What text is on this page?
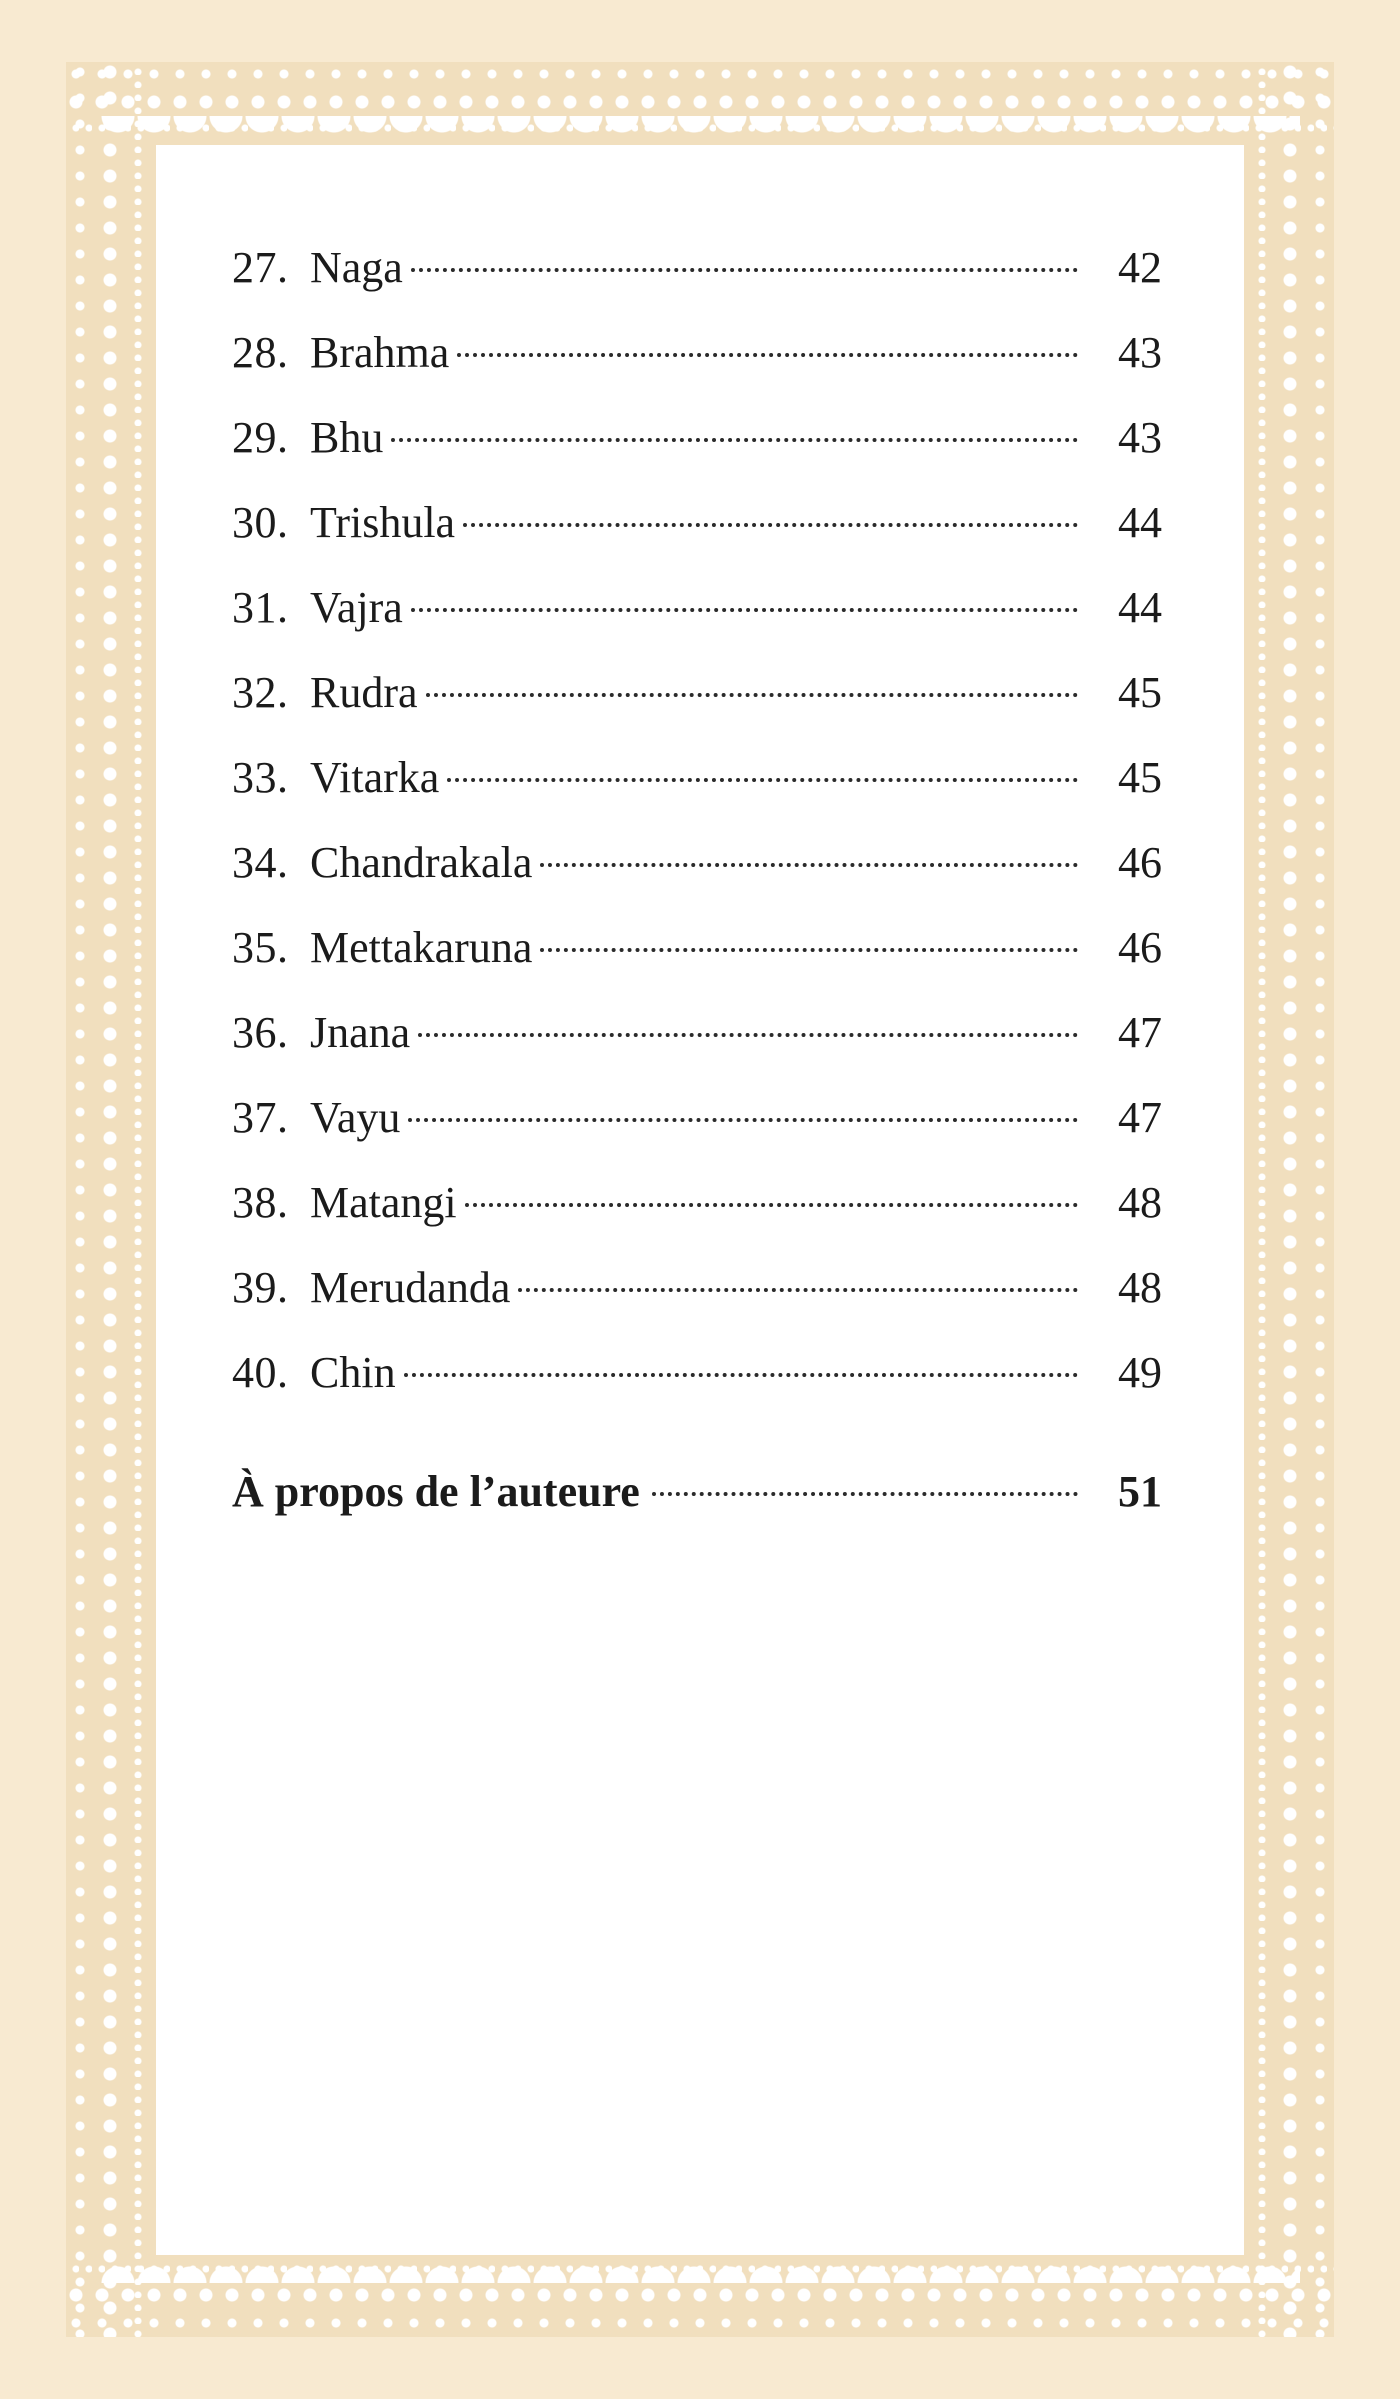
27. Naga	42
28. Brahma	43
29. Bhu	43
30. Trishula	44
31. Vajra	44
32. Rudra	45
33. Vitarka	45
34. Chandrakala	46
35. Mettakaruna	46
36. Jnana	47
37. Vayu	47
38. Matangi	48
39. Merudanda	48
40. Chin	49
À propos de l’auteure	51
